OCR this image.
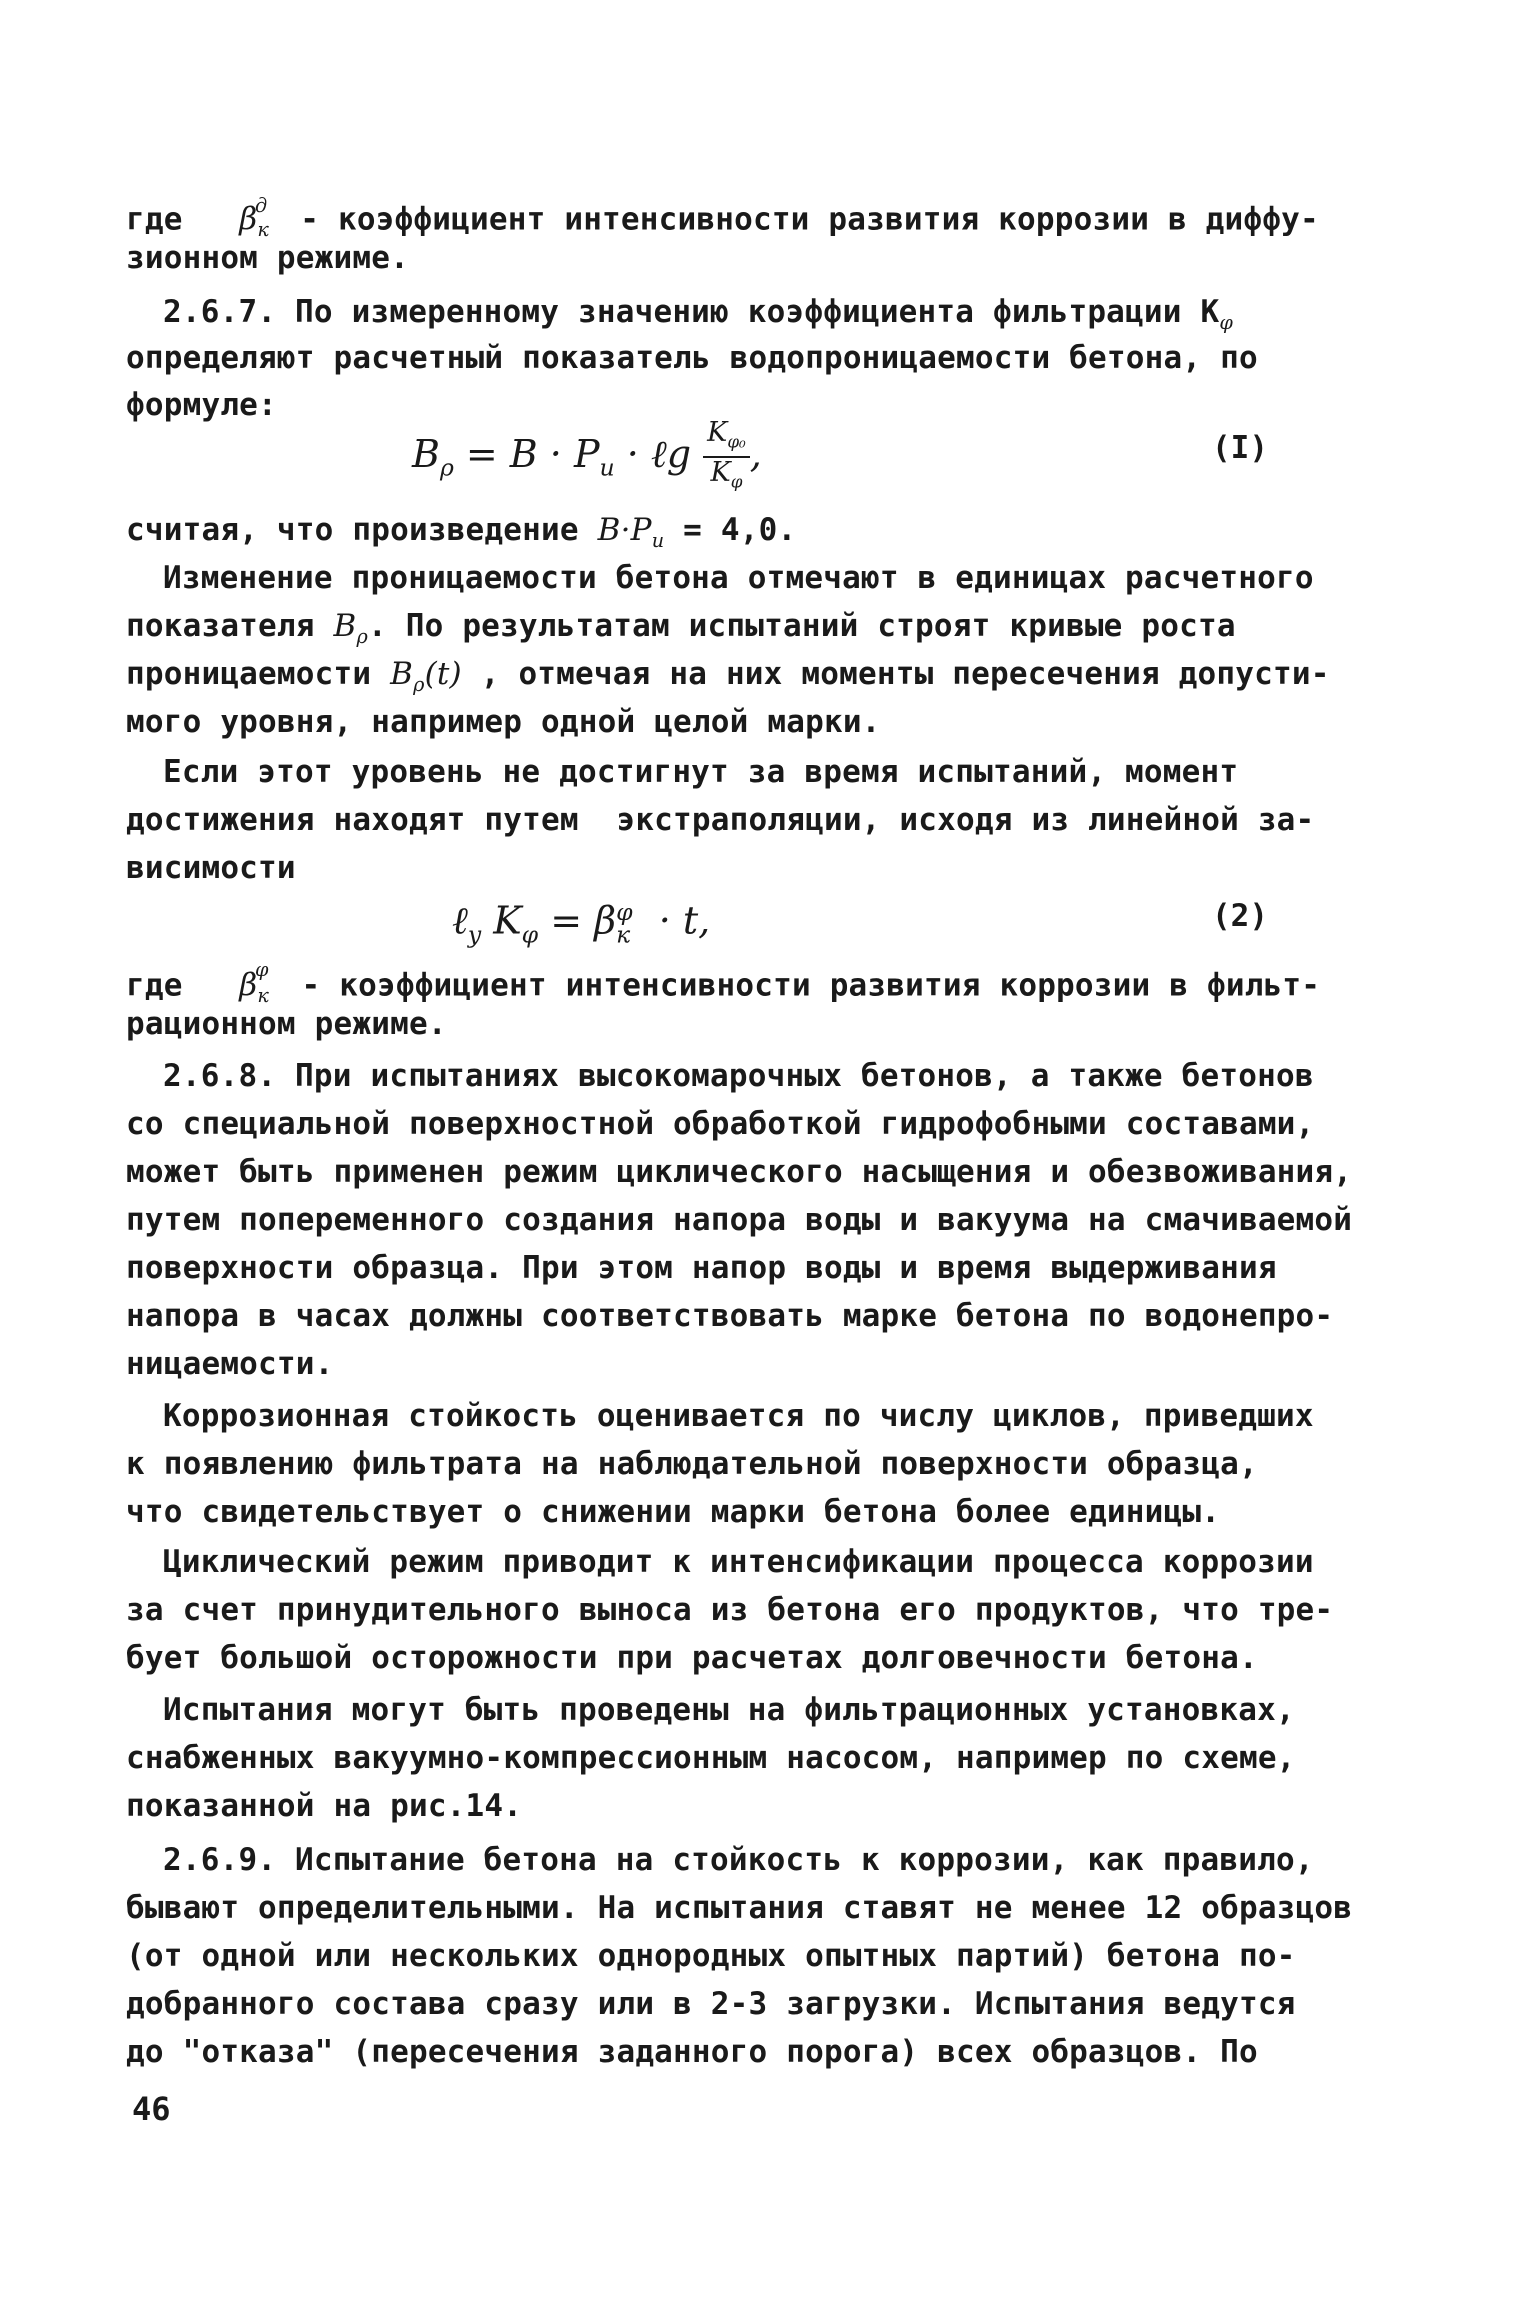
где   $\beta_к^д$ - коэффициент интенсивности развития коррозии в диффу-
зионном режиме.
2.6.7. По измеренному значению коэффициента фильтрации $K_\varphi$
определяют расчетный показатель водопроницаемости бетона, по
формуле:
$B_\rho = B \cdot P_u$ · ℓg $\frac{K_{\varphi_0}}{K_\varphi}$ ,	(I)
считая, что произведение $B\cdot P_u = 4,0$.
Изменение проницаемости бетона отмечают в единицах расчетного
показателя $B_\rho$. По результатам испытаний строят кривые роста
проницаемости $B_\rho(t)$ , отмечая на них моменты пересечения допусти-
мого уровня, например одной целой марки.
Если этот уровень не достигнут за время испытаний, момент
достижения находят путем  экстраполяции, исходя из линейной за-
висимости
ℓ$_y$ $K_\varphi = \beta_к^\varphi \cdot t$,	(2)
где $\beta_к^\varphi$ - коэффициент интенсивности развития коррозии в фильт-
рационном режиме.
2.6.8. При испытаниях высокомарочных бетонов, а также бетонов
со специальной поверхностной обработкой гидрофобными составами,
может быть применен режим циклического насыщения и обезвоживания,
путем попеременного создания напора воды и вакуума на смачиваемой
поверхности образца. При этом напор воды и время выдерживания
напора в часах должны соответствовать марке бетона по водонепро-
ницаемости.
Коррозионная стойкость оценивается по числу циклов, приведших
к появлению фильтрата на наблюдательной поверхности образца,
что свидетельствует о снижении марки бетона более единицы.
Циклический режим приводит к интенсификации процесса коррозии
за счет принудительного выноса из бетона его продуктов, что тре-
бует большой осторожности при расчетах долговечности бетона.
Испытания могут быть проведены на фильтрационных установках,
снабженных вакуумно-компрессионным насосом, например по схеме,
показанной на рис.14.
2.6.9. Испытание бетона на стойкость к коррозии, как правило,
бывают определительными. На испытания ставят не менее 12 образцов
(от одной или нескольких однородных опытных партий) бетона по-
добранного состава сразу или в 2-3 загрузки. Испытания ведутся
до "отказа" (пересечения заданного порога) всех образцов. По
46
